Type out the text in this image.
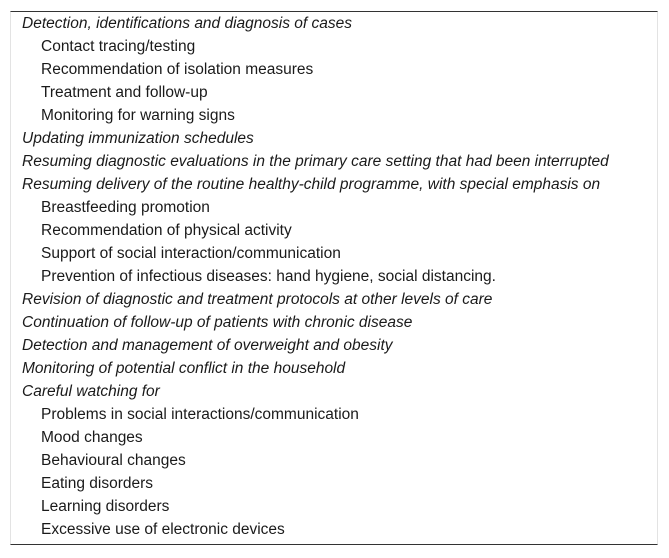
Detection, identifications and diagnosis of cases
Contact tracing/testing
Recommendation of isolation measures
Treatment and follow-up
Monitoring for warning signs
Updating immunization schedules
Resuming diagnostic evaluations in the primary care setting that had been interrupted
Resuming delivery of the routine healthy-child programme, with special emphasis on
Breastfeeding promotion
Recommendation of physical activity
Support of social interaction/communication
Prevention of infectious diseases: hand hygiene, social distancing.
Revision of diagnostic and treatment protocols at other levels of care
Continuation of follow-up of patients with chronic disease
Detection and management of overweight and obesity
Monitoring of potential conflict in the household
Careful watching for
Problems in social interactions/communication
Mood changes
Behavioural changes
Eating disorders
Learning disorders
Excessive use of electronic devices
